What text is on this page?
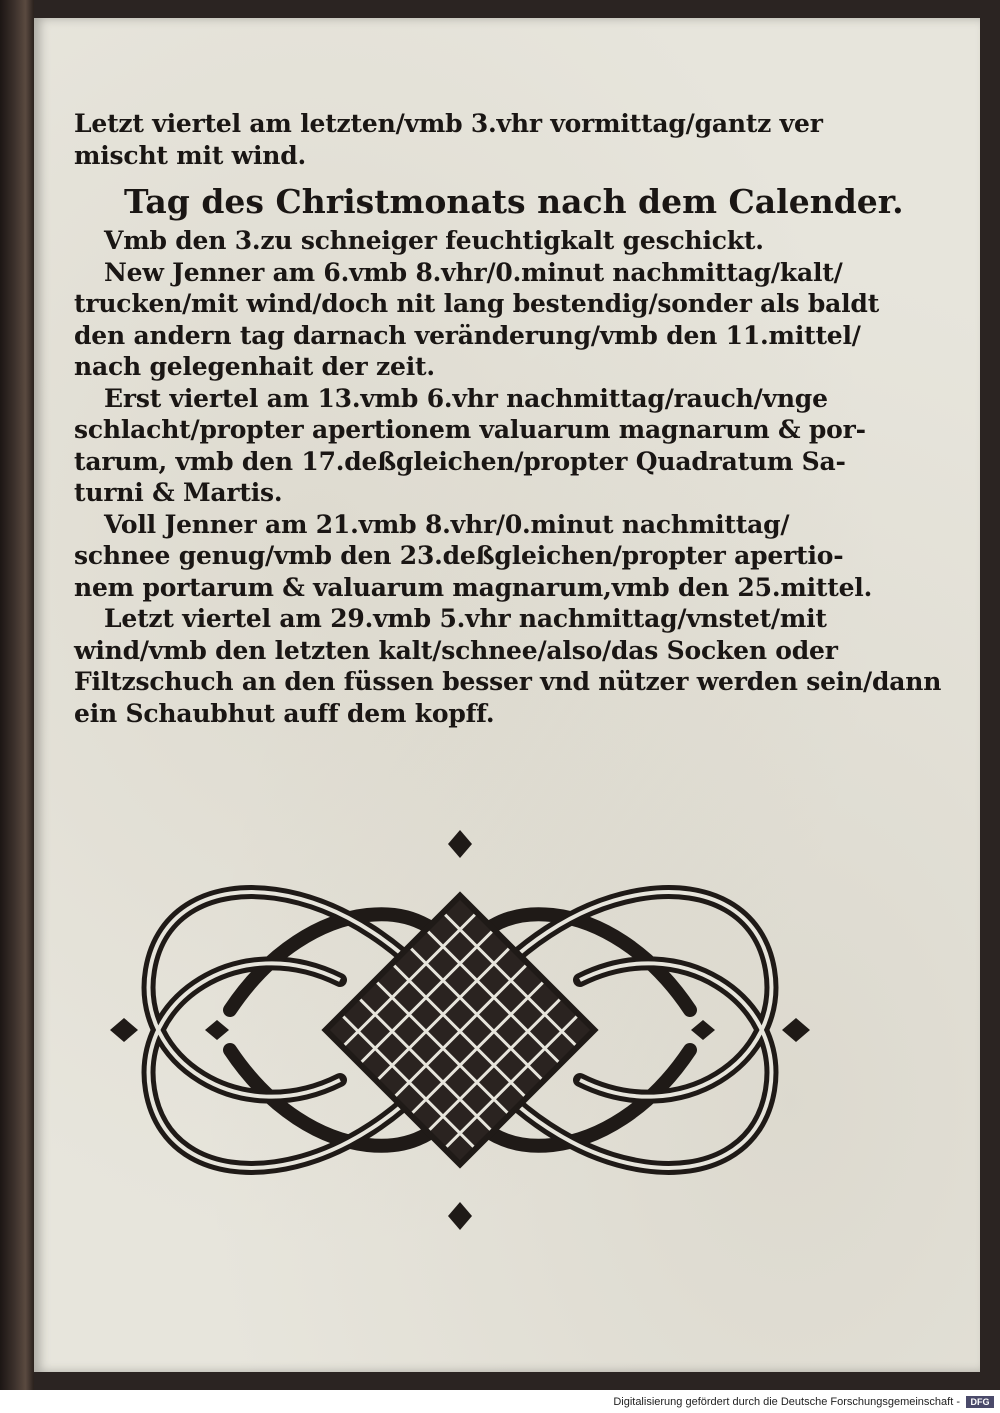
Letzt viertel am letzten/vmb 3.vhr vormittag/gantz ver
mischt mit wind.
Tag des Christmonats nach dem Calender.
Vmb den 3.zu schneiger feuchtigkalt geschickt.
New Jenner am 6.vmb 8.vhr/0.minut nachmittag/kalt/
trucken/mit wind/doch nit lang bestendig/sonder als baldt
den andern tag darnach veränderung/vmb den 11.mittel/
nach gelegenhait der zeit.
Erst viertel am 13.vmb 6.vhr nachmittag/rauch/vnge
schlacht/propter apertionem valuarum magnarum & por-
tarum, vmb den 17.deßgleichen/propter Quadratum Sa-
turni & Martis.
Voll Jenner am 21.vmb 8.vhr/0.minut nachmittag/
schnee genug/vmb den 23.deßgleichen/propter apertio-
nem portarum & valuarum magnarum,vmb den 25.mittel.
Letzt viertel am 29.vmb 5.vhr nachmittag/vnstet/mit
wind/vmb den letzten kalt/schnee/also/das Socken oder
Filtzschuch an den füssen besser vnd nützer werden sein/dann
ein Schaubhut auff dem kopff.
Digitalisierung gefördert durch die Deutsche Forschungsgemeinschaft -	DFG
